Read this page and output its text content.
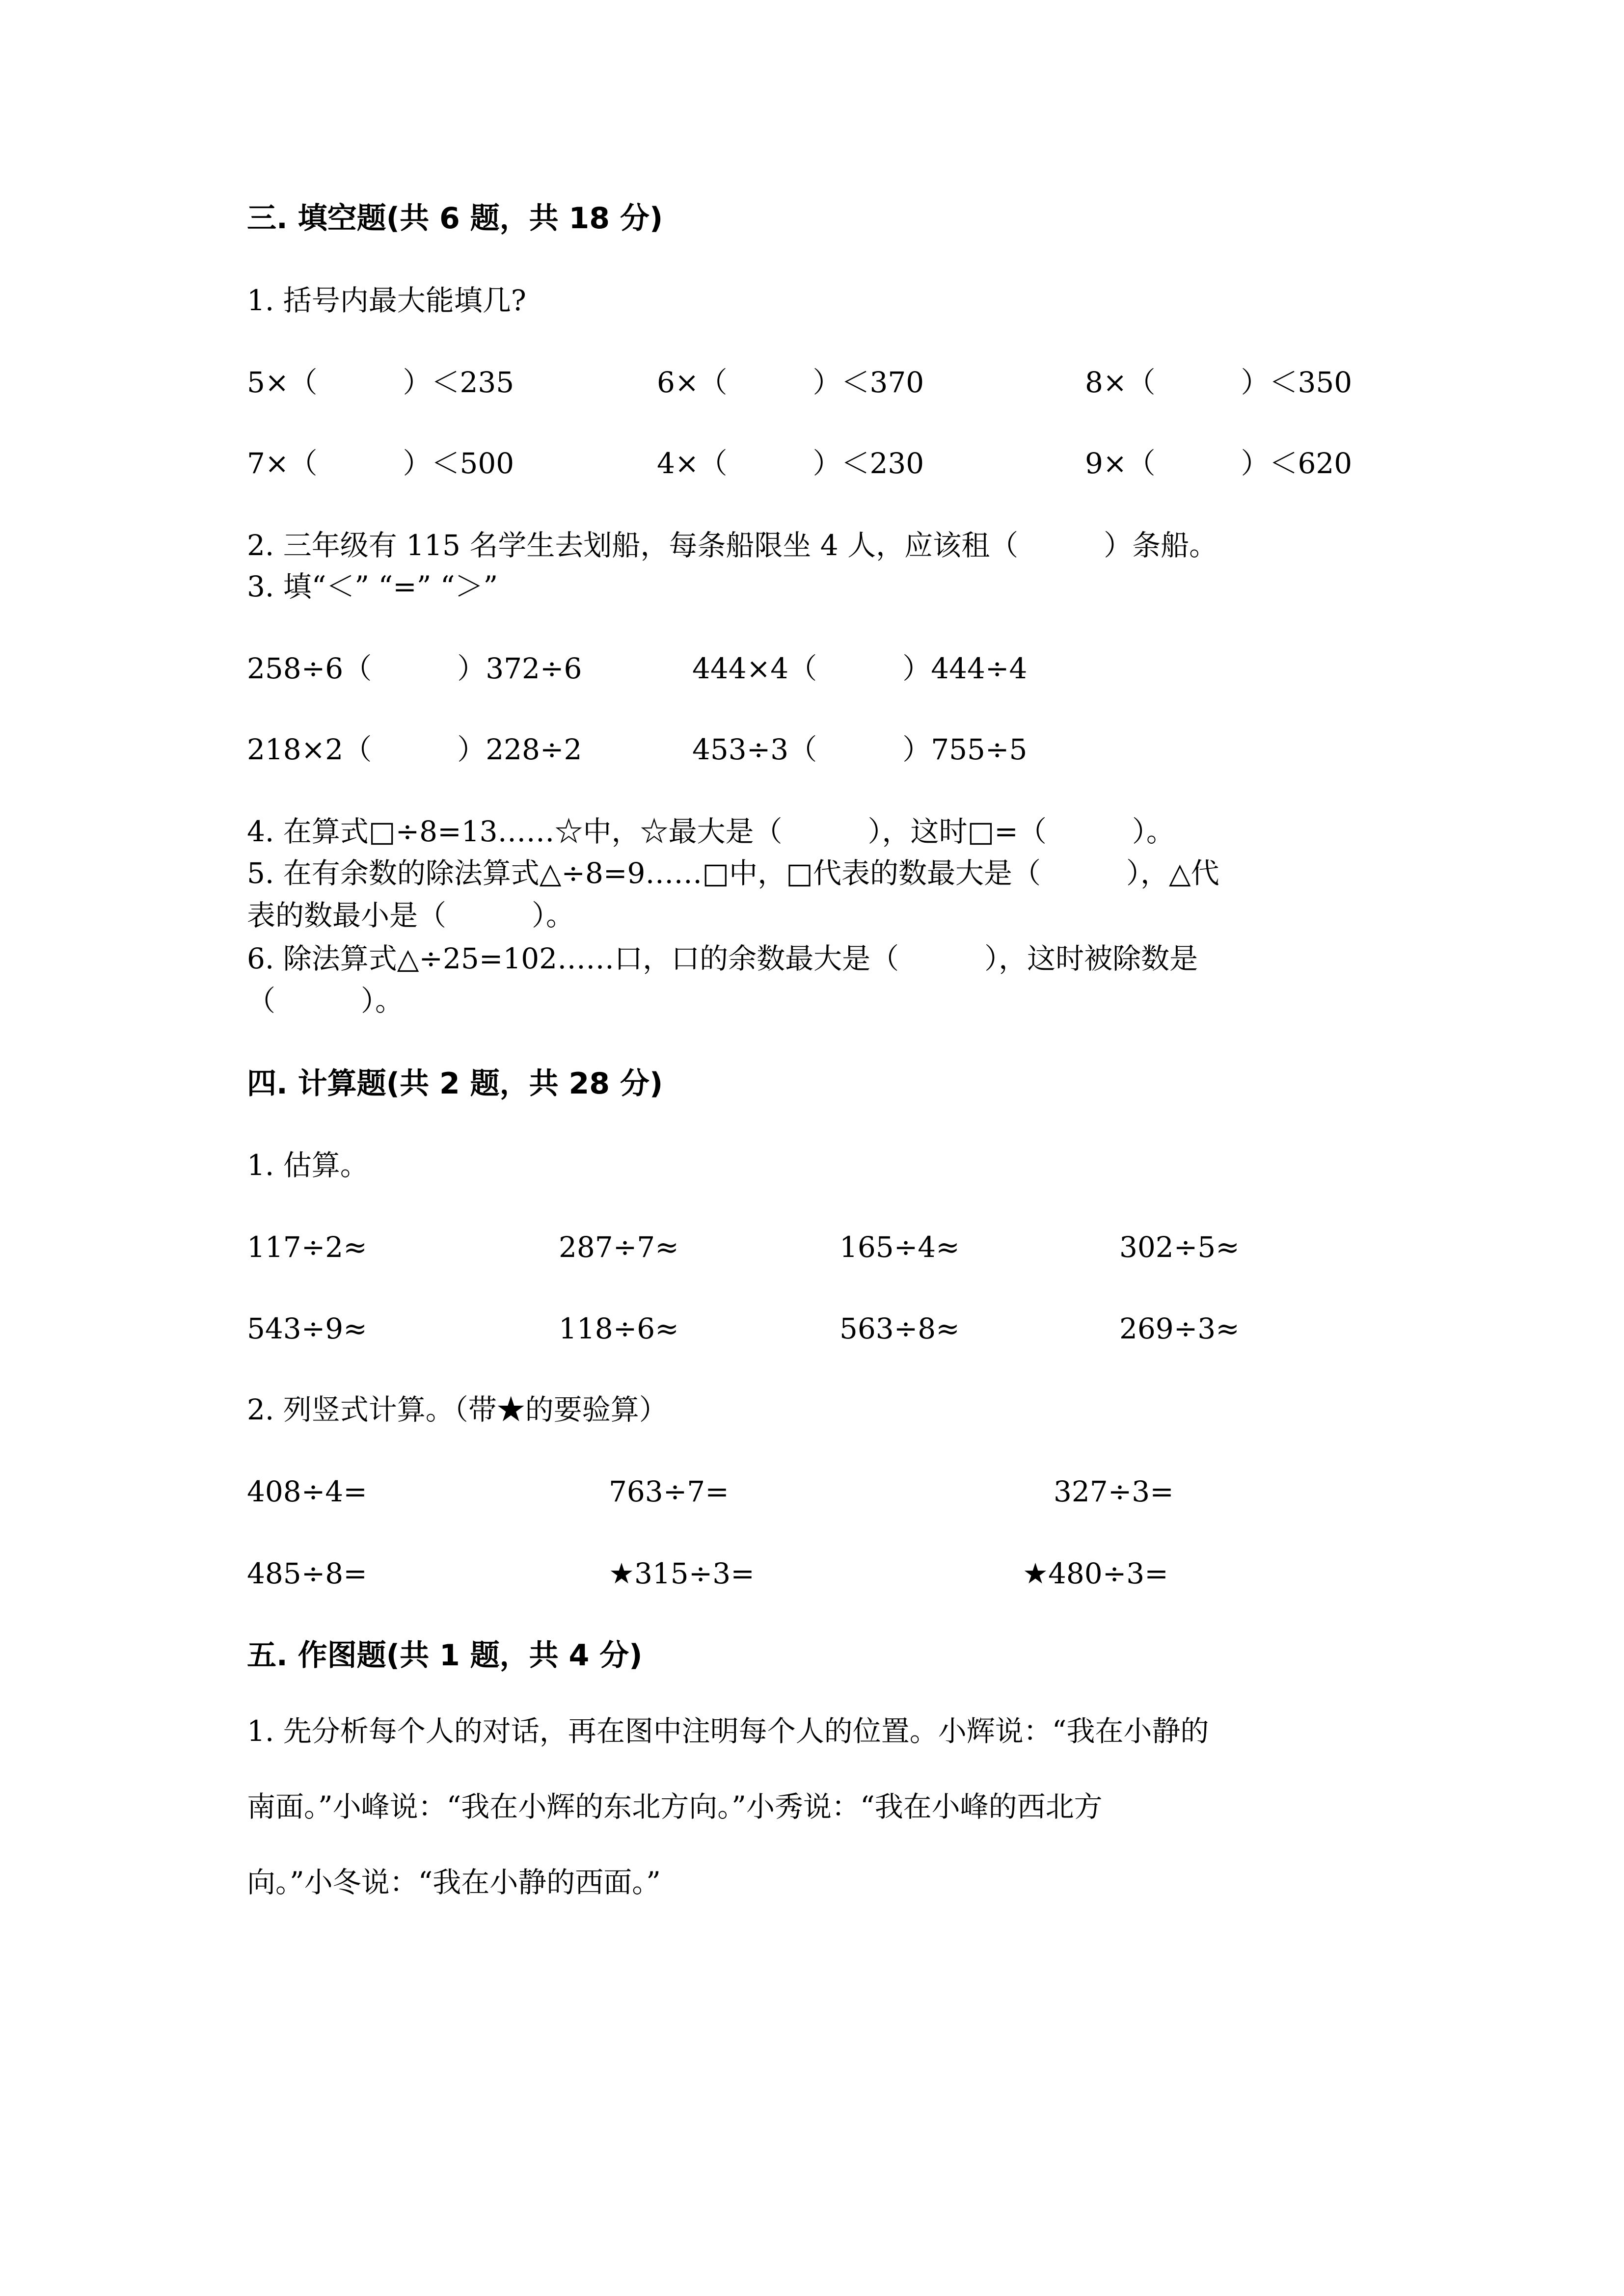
三. 填空题(共 6 题，共 18 分)
1. 括号内最大能填几?
5×（　　　）＜235	6×（　　　）＜370	8×（　　　）＜350
7×（　　　）＜500	4×（　　　）＜230	9×（　　　）＜620
2. 三年级有 115 名学生去划船，每条船限坐 4 人，应该租（　　　）条船。
3. 填“＜” “=” “＞”
258÷6（　　　）372÷6	444×4（　　　）444÷4
218×2（　　　）228÷2	453÷3（　　　）755÷5
4. 在算式□÷8=13……☆中，☆最大是（　　　），这时□=（　　　）。
5. 在有余数的除法算式△÷8=9……□中，□代表的数最大是（　　　），△代
表的数最小是（　　　）。
6. 除法算式△÷25=102……口，口的余数最大是（　　　），这时被除数是
（　　　）。
四. 计算题(共 2 题，共 28 分)
1. 估算。
117÷2≈	287÷7≈	165÷4≈	302÷5≈
543÷9≈	118÷6≈	563÷8≈	269÷3≈
2. 列竖式计算。（带★的要验算）
408÷4=	763÷7=	327÷3=
485÷8=	★315÷3=	★480÷3=
五. 作图题(共 1 题，共 4 分)
1. 先分析每个人的对话，再在图中注明每个人的位置。小辉说：“我在小静的
南面。”小峰说：“我在小辉的东北方向。”小秀说：“我在小峰的西北方
向。”小冬说：“我在小静的西面。”
